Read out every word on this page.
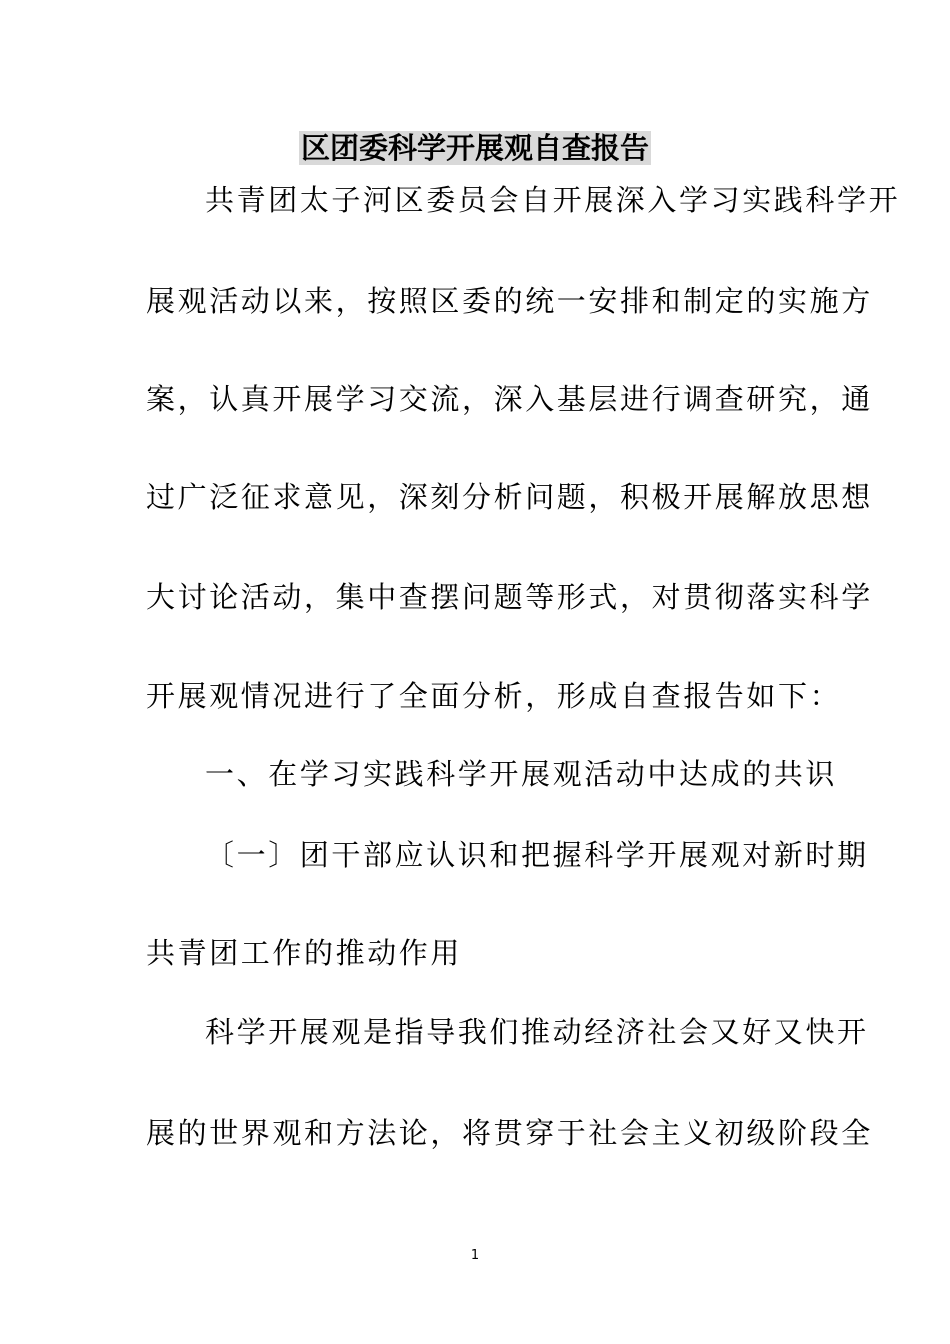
区团委科学开展观自查报告
共青团太子河区委员会自开展深入学习实践科学开
展观活动以来，按照区委的统一安排和制定的实施方
案，认真开展学习交流，深入基层进行调查研究，通
过广泛征求意见，深刻分析问题，积极开展解放思想
大讨论活动，集中查摆问题等形式，对贯彻落实科学
开展观情况进行了全面分析，形成自查报告如下：
一、在学习实践科学开展观活动中达成的共识
〔一〕团干部应认识和把握科学开展观对新时期
共青团工作的推动作用
科学开展观是指导我们推动经济社会又好又快开
展的世界观和方法论，将贯穿于社会主义初级阶段全
1
